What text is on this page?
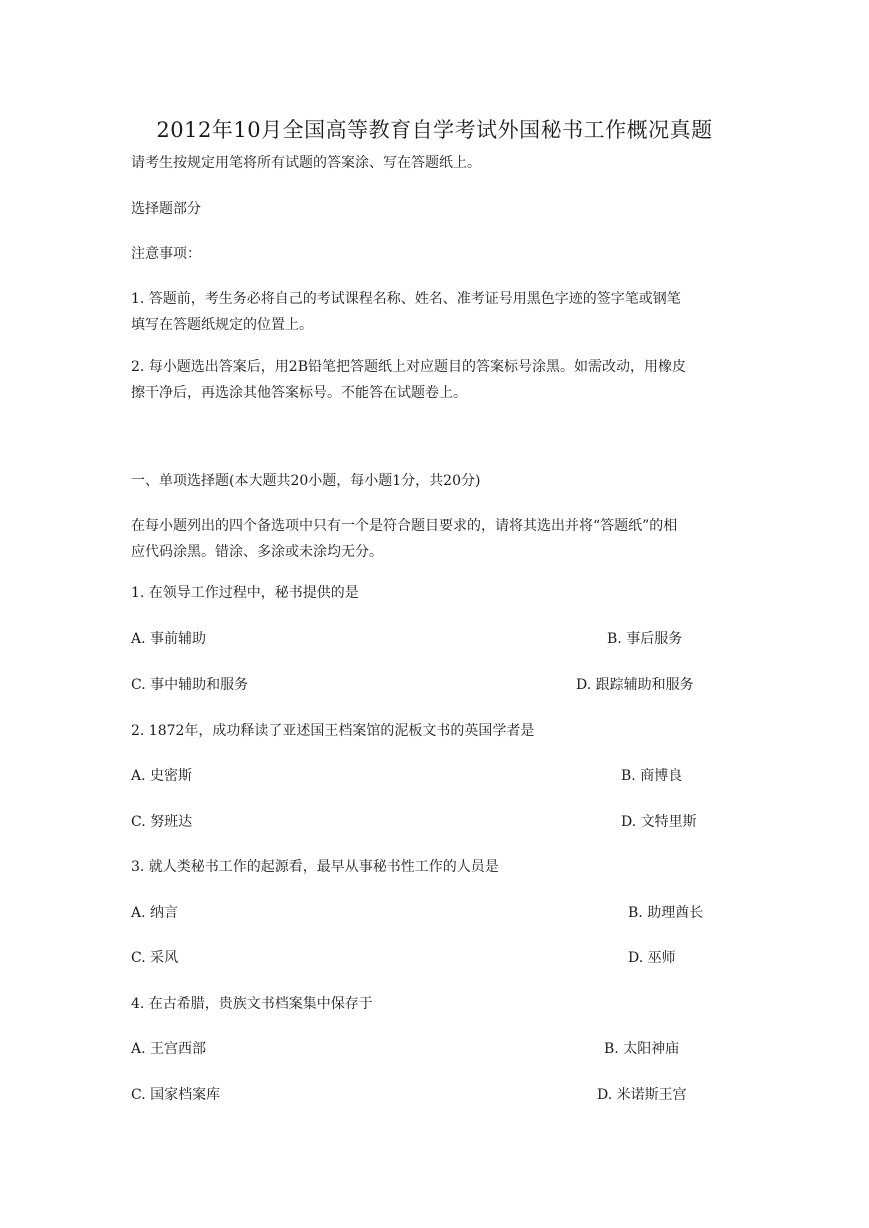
2012年10月全国高等教育自学考试外国秘书工作概况真题
请考生按规定用笔将所有试题的答案涂、写在答题纸上。
选择题部分
注意事项：
1. 答题前，考生务必将自己的考试课程名称、姓名、准考证号用黑色字迹的签字笔或钢笔
填写在答题纸规定的位置上。
2. 每小题选出答案后，用2B铅笔把答题纸上对应题目的答案标号涂黑。如需改动，用橡皮
擦干净后，再选涂其他答案标号。不能答在试题卷上。
一、单项选择题(本大题共20小题，每小题1分，共20分)
在每小题列出的四个备选项中只有一个是符合题目要求的，请将其选出并将“答题纸”的相
应代码涂黑。错涂、多涂或未涂均无分。
1. 在领导工作过程中，秘书提供的是
A. 事前辅助	B. 事后服务
C. 事中辅助和服务	D. 跟踪辅助和服务
2. 1872年，成功释读了亚述国王档案馆的泥板文书的英国学者是
A. 史密斯	B. 商博良
C. 努班达	D. 文特里斯
3. 就人类秘书工作的起源看，最早从事秘书性工作的人员是
A. 纳言	B. 助理酋长
C. 采风	D. 巫师
4. 在古希腊，贵族文书档案集中保存于
A. 王宫西部	B. 太阳神庙
C. 国家档案库	D. 米诺斯王宫
